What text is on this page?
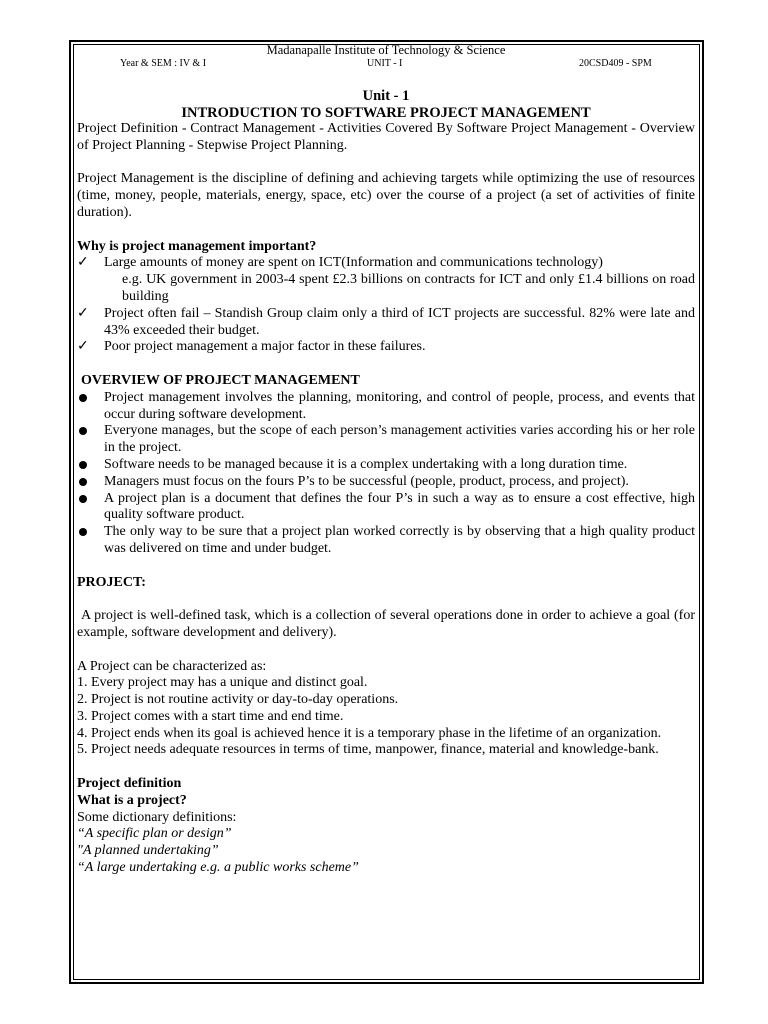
Madanapalle Institute of Technology & Science
Year & SEM : IV & I	UNIT - I	20CSD409 - SPM
Unit - 1
INTRODUCTION TO SOFTWARE PROJECT MANAGEMENT

Project Definition - Contract Management - Activities Covered By Software Project Management - Overview of Project Planning - Stepwise Project Planning.

Project Management is the discipline of defining and achieving targets while optimizing the use of resources (time, money, people, materials, energy, space, etc) over the course of a project (a set of activities of finite duration).

Why is project management important?

✓	Large amounts of money are spent on ICT(Information and communications technology)
e.g. UK government in 2003-4 spent £2.3 billions on contracts for ICT and only £1.4 billions on road building
✓	Project often fail – Standish Group claim only a third of ICT projects are successful. 82% were late and 43% exceeded their budget.
✓	Poor project management a major factor in these failures.

OVERVIEW OF PROJECT MANAGEMENT

Project management involves the planning, monitoring, and control of people, process, and events that occur during software development.
Everyone manages, but the scope of each person’s management activities varies according his or her role in the project.
Software needs to be managed because it is a complex undertaking with a long duration time.
Managers must focus on the fours P’s to be successful (people, product, process, and project).
A project plan is a document that defines the four P’s in such a way as to ensure a cost effective, high quality software product.
The only way to be sure that a project plan worked correctly is by observing that a high quality product was delivered on time and under budget.

PROJECT:

A project is well-defined task, which is a collection of several operations done in order to achieve a goal (for example, software development and delivery).

A Project can be characterized as:

1. Every project may has a unique and distinct goal.

2. Project is not routine activity or day-to-day operations.

3. Project comes with a start time and end time.

4. Project ends when its goal is achieved hence it is a temporary phase in the lifetime of an organization.

5. Project needs adequate resources in terms of time, manpower, finance, material and knowledge-bank.

Project definition

What is a project?

Some dictionary definitions:

“A specific plan or design”

"A planned undertaking”

“A large undertaking e.g. a public works scheme”
